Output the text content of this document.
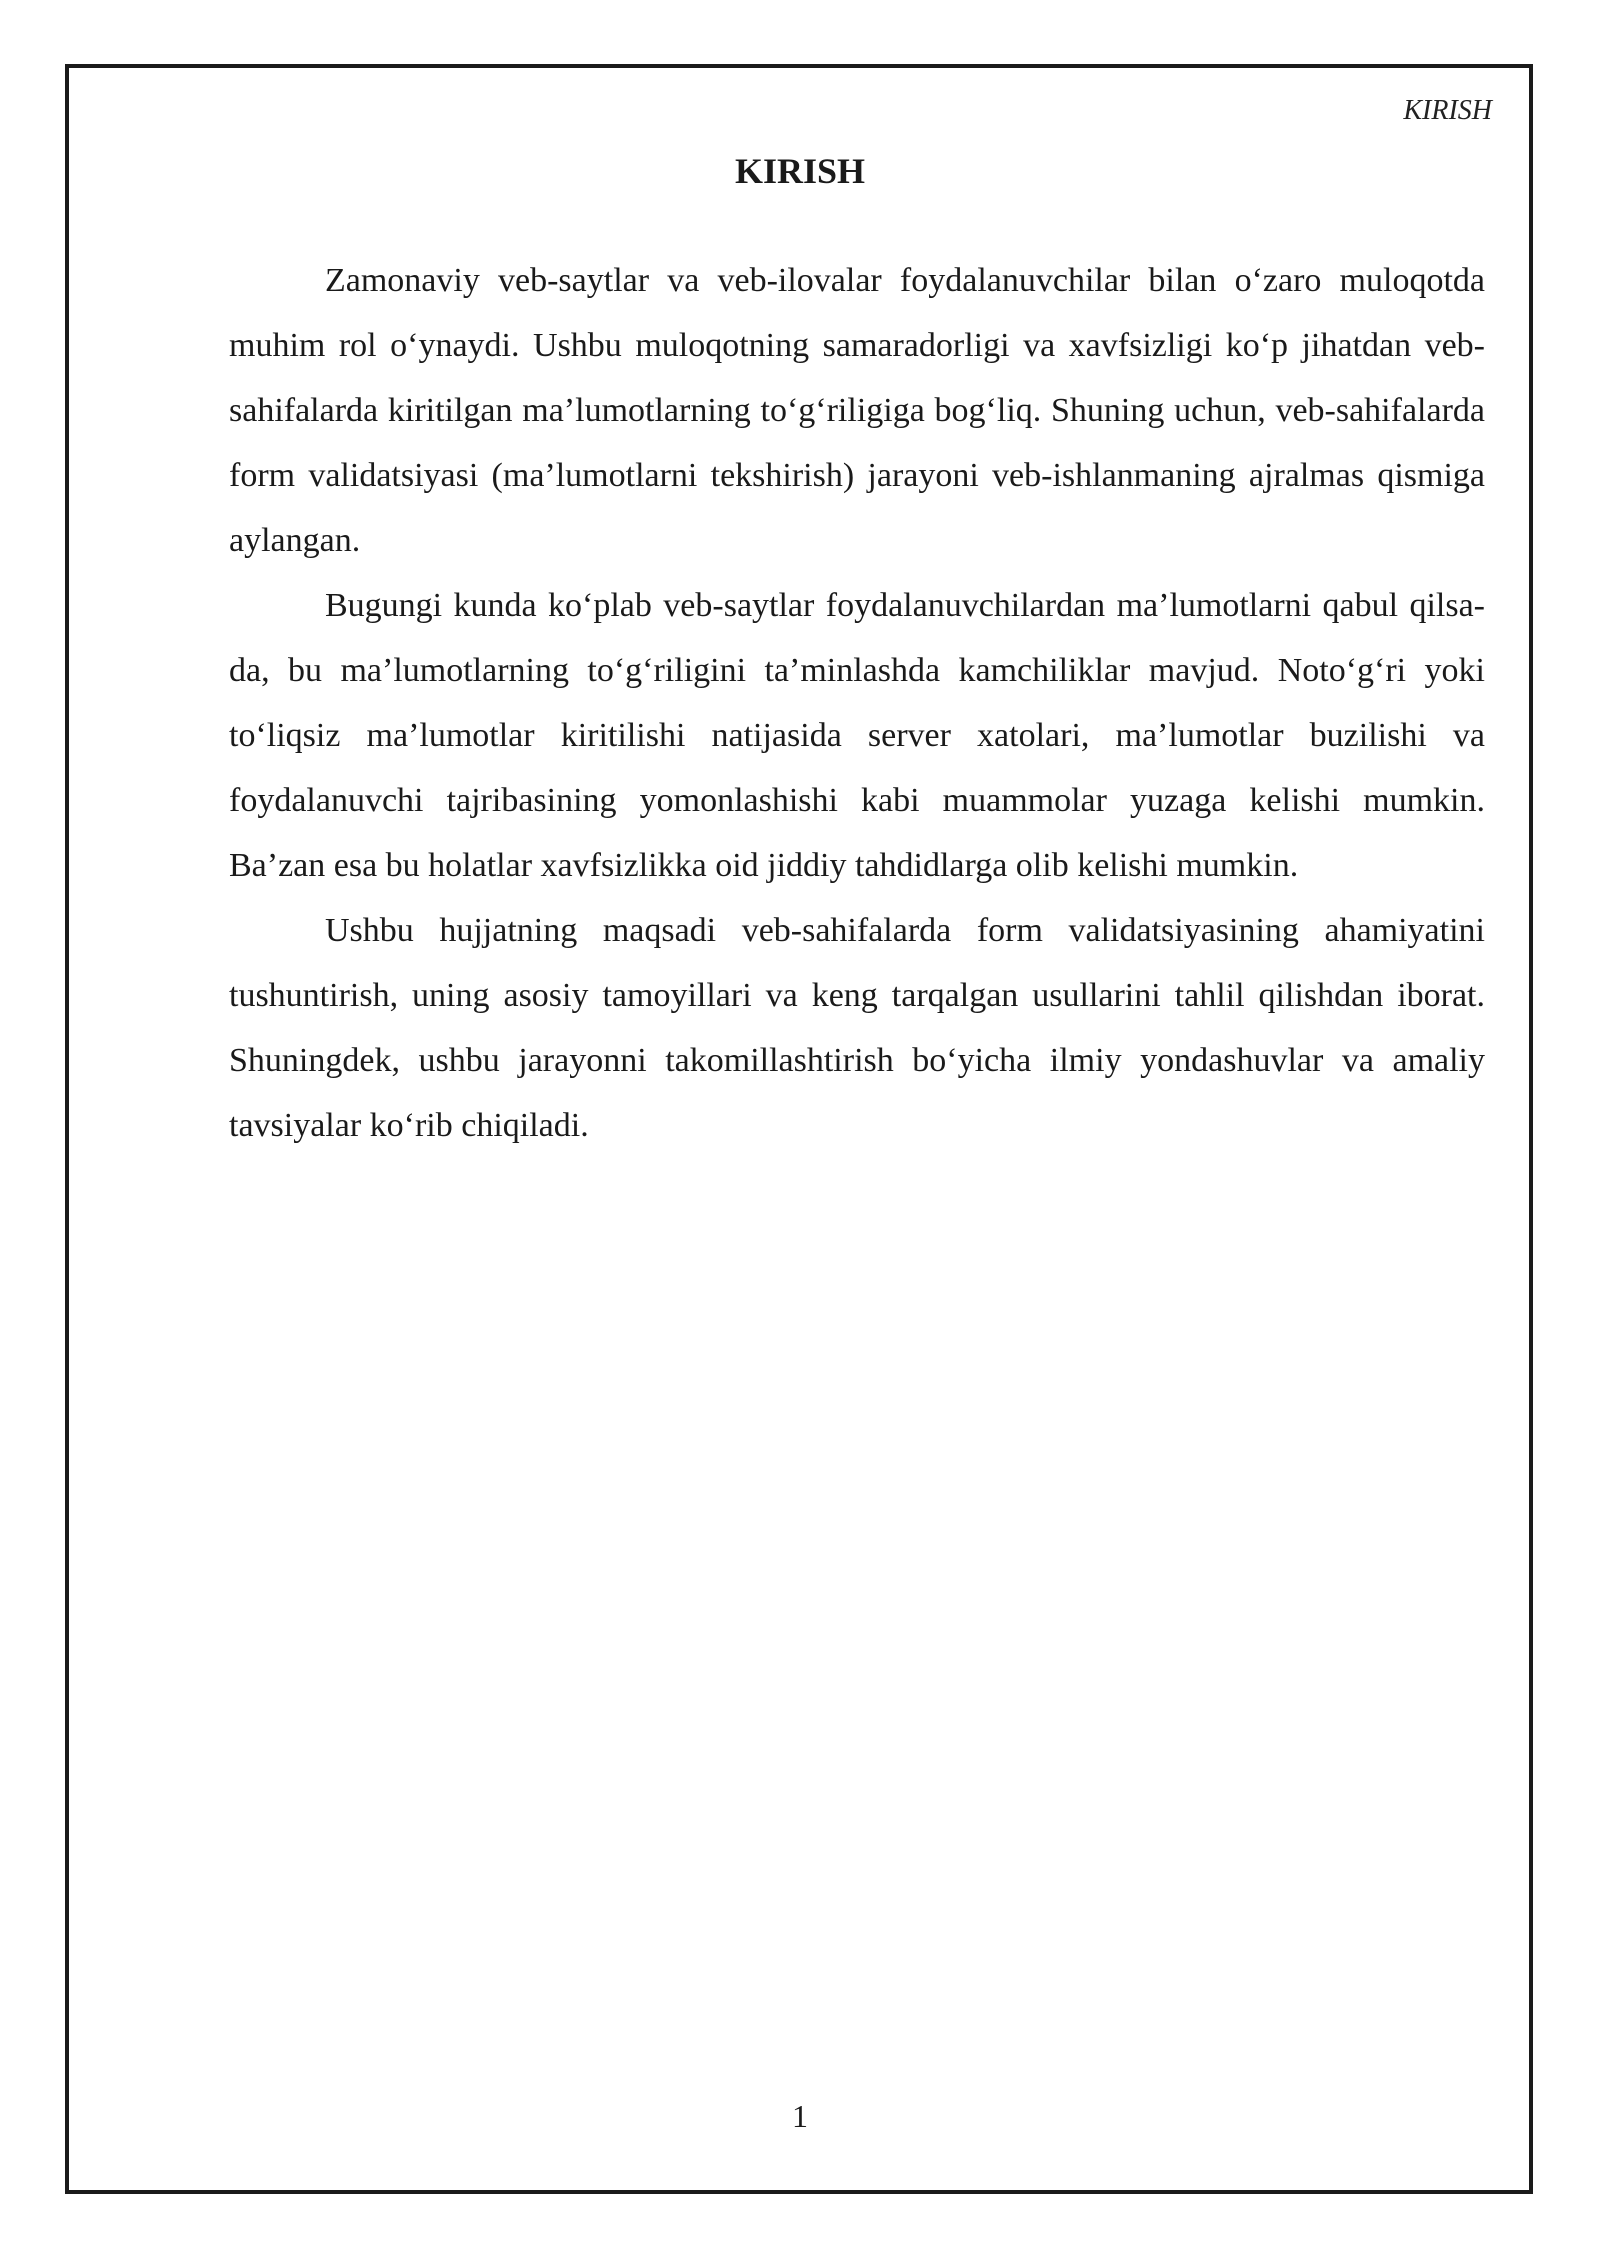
KIRISH
KIRISH

Zamonaviy veb-saytlar va veb-ilovalar foydalanuvchilar bilan o‘zaro muloqotda muhim rol o‘ynaydi. Ushbu muloqotning samaradorligi va xavfsizligi ko‘p jihatdan veb-sahifalarda kiritilgan ma’lumotlarning to‘g‘riligiga bog‘liq. Shuning uchun, veb-sahifalarda form validatsiyasi (ma’lumotlarni tekshirish) jarayoni veb-ishlanmaning ajralmas qismiga aylangan.

Bugungi kunda ko‘plab veb-saytlar foydalanuvchilardan ma’lumotlarni qabul qilsa-da, bu ma’lumotlarning to‘g‘riligini ta’minlashda kamchiliklar mavjud. Noto‘g‘ri yoki to‘liqsiz ma’lumotlar kiritilishi natijasida server xatolari, ma’lumotlar buzilishi va foydalanuvchi tajribasining yomonlashishi kabi muammolar yuzaga kelishi mumkin. Ba’zan esa bu holatlar xavfsizlikka oid jiddiy tahdidlarga olib kelishi mumkin.

Ushbu hujjatning maqsadi veb-sahifalarda form validatsiyasining ahamiyatini tushuntirish, uning asosiy tamoyillari va keng tarqalgan usullarini tahlil qilishdan iborat. Shuningdek, ushbu jarayonni takomillashtirish bo‘yicha ilmiy yondashuvlar va amaliy tavsiyalar ko‘rib chiqiladi.

1
